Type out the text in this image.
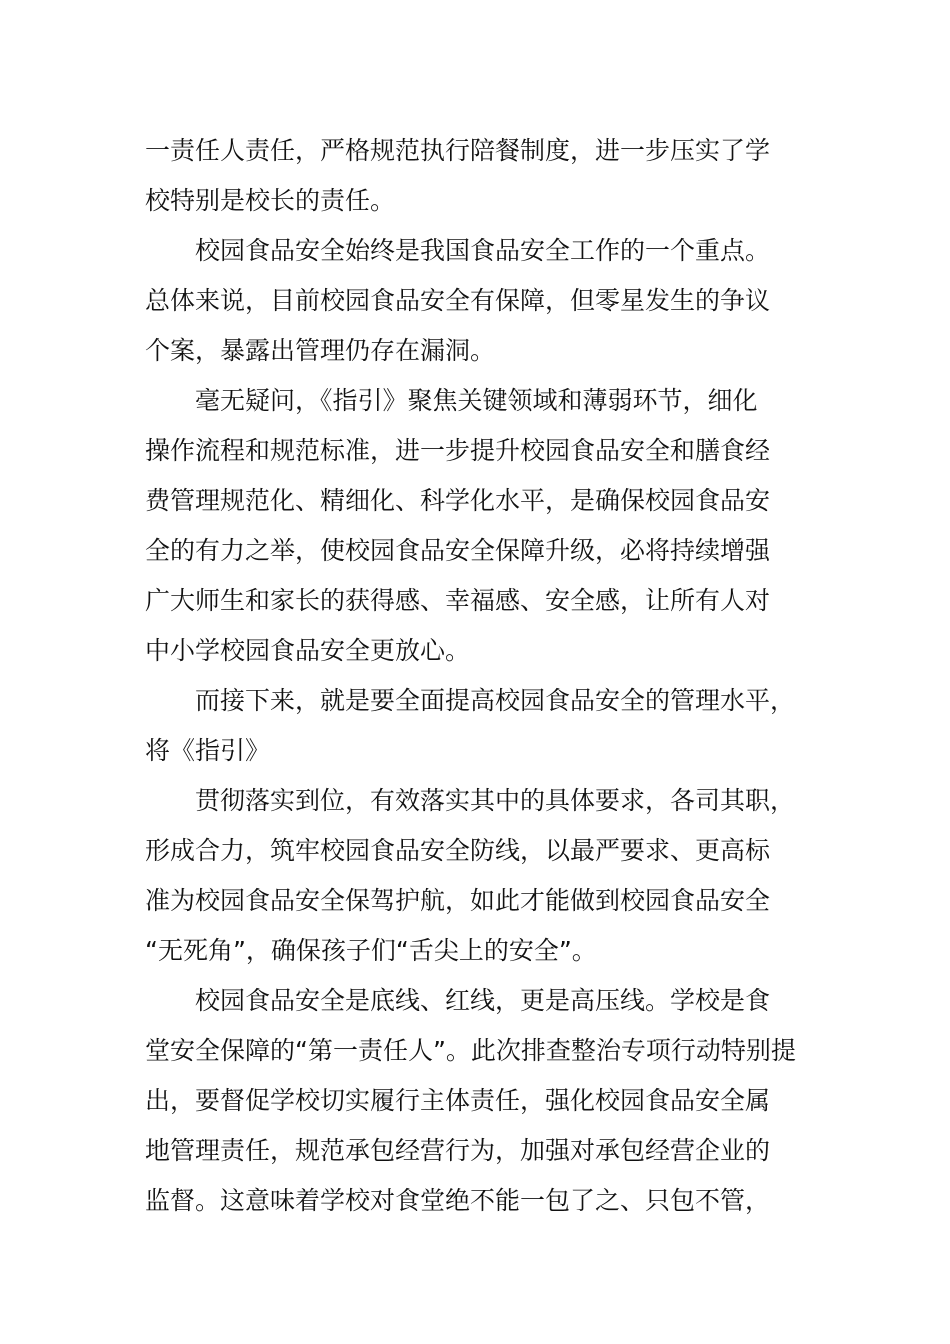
一责任人责任，严格规范执行陪餐制度，进一步压实了学
校特别是校长的责任。
校园食品安全始终是我国食品安全工作的一个重点。
总体来说，目前校园食品安全有保障，但零星发生的争议
个案，暴露出管理仍存在漏洞。
毫无疑问，《指引》聚焦关键领域和薄弱环节，细化
操作流程和规范标准，进一步提升校园食品安全和膳食经
费管理规范化、精细化、科学化水平，是确保校园食品安
全的有力之举，使校园食品安全保障升级，必将持续增强
广大师生和家长的获得感、幸福感、安全感，让所有人对
中小学校园食品安全更放心。
而接下来，就是要全面提高校园食品安全的管理水平，
将《指引》
贯彻落实到位，有效落实其中的具体要求，各司其职，
形成合力，筑牢校园食品安全防线，以最严要求、更高标
准为校园食品安全保驾护航，如此才能做到校园食品安全
“无死角”，确保孩子们“舌尖上的安全”。
校园食品安全是底线、红线，更是高压线。学校是食
堂安全保障的“第一责任人”。此次排查整治专项行动特别提
出，要督促学校切实履行主体责任，强化校园食品安全属
地管理责任，规范承包经营行为，加强对承包经营企业的
监督。这意味着学校对食堂绝不能一包了之、只包不管，
